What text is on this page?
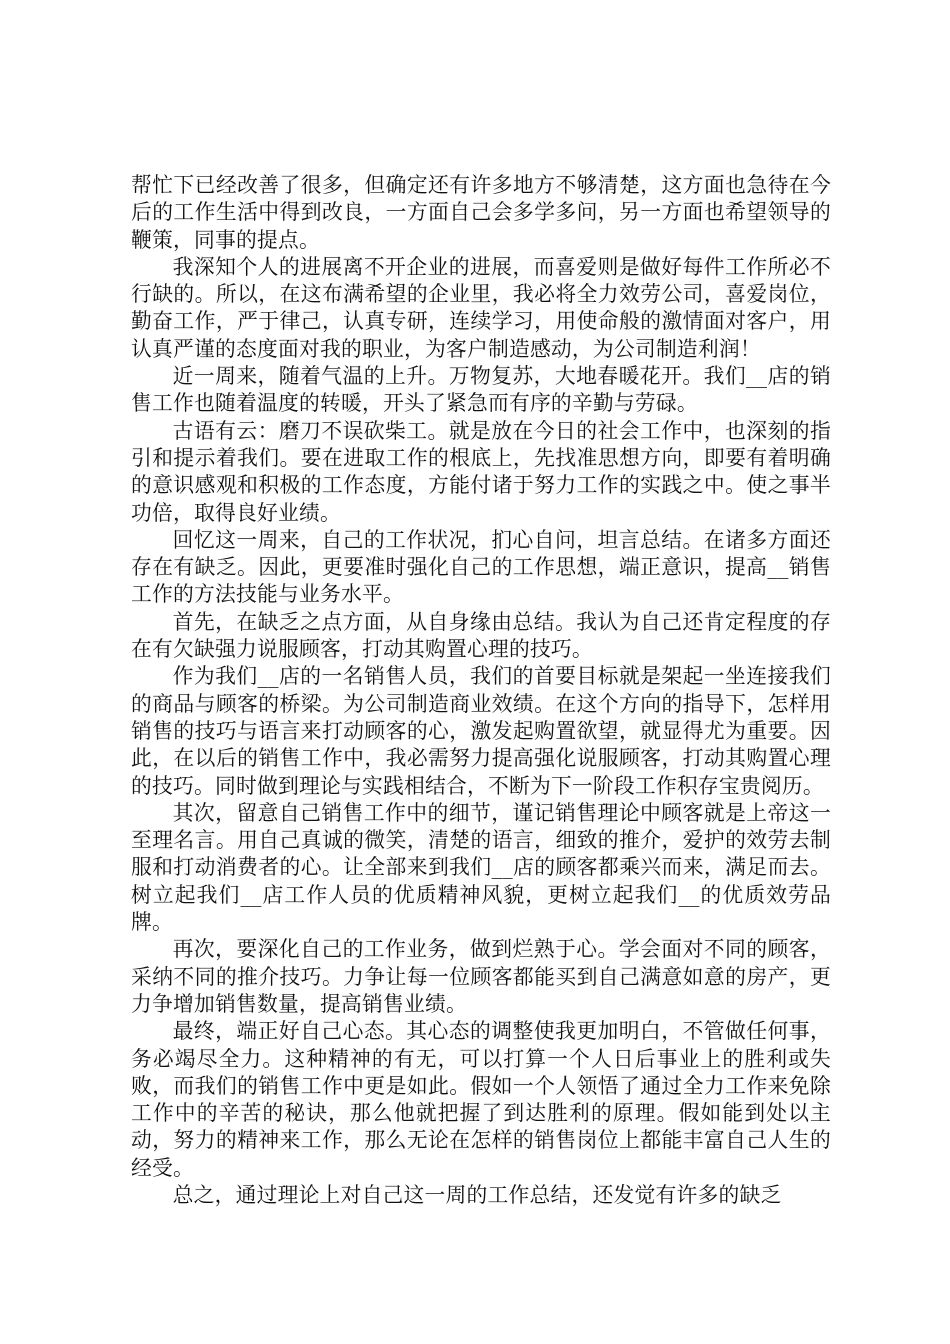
帮忙下已经改善了很多，但确定还有许多地方不够清楚，这方面也急待在今后的工作生活中得到改良，一方面自己会多学多问，另一方面也希望领导的鞭策，同事的提点。

我深知个人的进展离不开企业的进展，而喜爱则是做好每件工作所必不行缺的。所以，在这布满希望的企业里，我必将全力效劳公司，喜爱岗位，勤奋工作，严于律己，认真专研，连续学习，用使命般的激情面对客户，用认真严谨的态度面对我的职业，为客户制造感动，为公司制造利润！

近一周来，随着气温的上升。万物复苏，大地春暖花开。我们__店的销售工作也随着温度的转暖，开头了紧急而有序的辛勤与劳碌。

古语有云：磨刀不误砍柴工。就是放在今日的社会工作中，也深刻的指引和提示着我们。要在进取工作的根底上，先找准思想方向，即要有着明确的意识感观和积极的工作态度，方能付诸于努力工作的实践之中。使之事半功倍，取得良好业绩。

回忆这一周来，自己的工作状况，扪心自问，坦言总结。在诸多方面还存在有缺乏。因此，更要准时强化自己的工作思想，端正意识，提高__销售工作的方法技能与业务水平。

首先，在缺乏之点方面，从自身缘由总结。我认为自己还肯定程度的存在有欠缺强力说服顾客，打动其购置心理的技巧。

作为我们__店的一名销售人员，我们的首要目标就是架起一坐连接我们的商品与顾客的桥梁。为公司制造商业效绩。在这个方向的指导下，怎样用销售的技巧与语言来打动顾客的心，激发起购置欲望，就显得尤为重要。因此，在以后的销售工作中，我必需努力提高强化说服顾客，打动其购置心理的技巧。同时做到理论与实践相结合，不断为下一阶段工作积存宝贵阅历。

其次，留意自己销售工作中的细节，谨记销售理论中顾客就是上帝这一至理名言。用自己真诚的微笑，清楚的语言，细致的推介，爱护的效劳去制服和打动消费者的心。让全部来到我们__店的顾客都乘兴而来，满足而去。树立起我们__店工作人员的优质精神风貌，更树立起我们__的优质效劳品牌。

再次，要深化自己的工作业务，做到烂熟于心。学会面对不同的顾客，采纳不同的推介技巧。力争让每一位顾客都能买到自己满意如意的房产，更力争增加销售数量，提高销售业绩。

最终，端正好自己心态。其心态的调整使我更加明白，不管做任何事，务必竭尽全力。这种精神的有无，可以打算一个人日后事业上的胜利或失败，而我们的销售工作中更是如此。假如一个人领悟了通过全力工作来免除工作中的辛苦的秘诀，那么他就把握了到达胜利的原理。假如能到处以主动，努力的精神来工作，那么无论在怎样的销售岗位上都能丰富自己人生的经受。

总之，通过理论上对自己这一周的工作总结，还发觉有许多的缺乏
